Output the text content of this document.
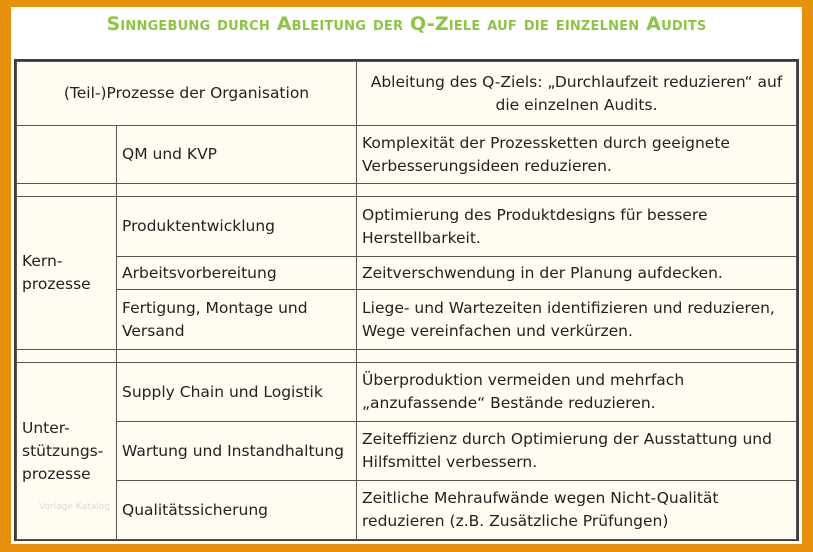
Sinngebung durch Ableitung der Q-Ziele auf die einzelnen Audits
(Teil-)Prozesse der Organisation		Ableitung des Q-Ziels: „Durchlaufzeit reduzieren“ auf die einzelnen Audits.
	QM und KVP	Komplexität der Prozessketten durch geeignete Verbesserungsideen reduzieren.

Kern-prozesse	Produktentwicklung	Optimierung des Produktdesigns für bessere Herstellbarkeit.
	Arbeitsvorbereitung	Zeitverschwendung in der Planung aufdecken.
	Fertigung, Montage und Versand	Liege- und Wartezeiten identifizieren und reduzieren, Wege vereinfachen und verkürzen.

Unter-stützungs-prozesse	Supply Chain und Logistik	Überproduktion vermeiden und mehrfach „anzufassende“ Bestände reduzieren.
	Wartung und Instandhaltung	Zeiteffizienz durch Optimierung der Ausstattung und Hilfsmittel verbessern.
	Qualitätssicherung	Zeitliche Mehraufwände wegen Nicht-Qualität reduzieren (z.B. Zusätzliche Prüfungen)
Vorlage Katalog
